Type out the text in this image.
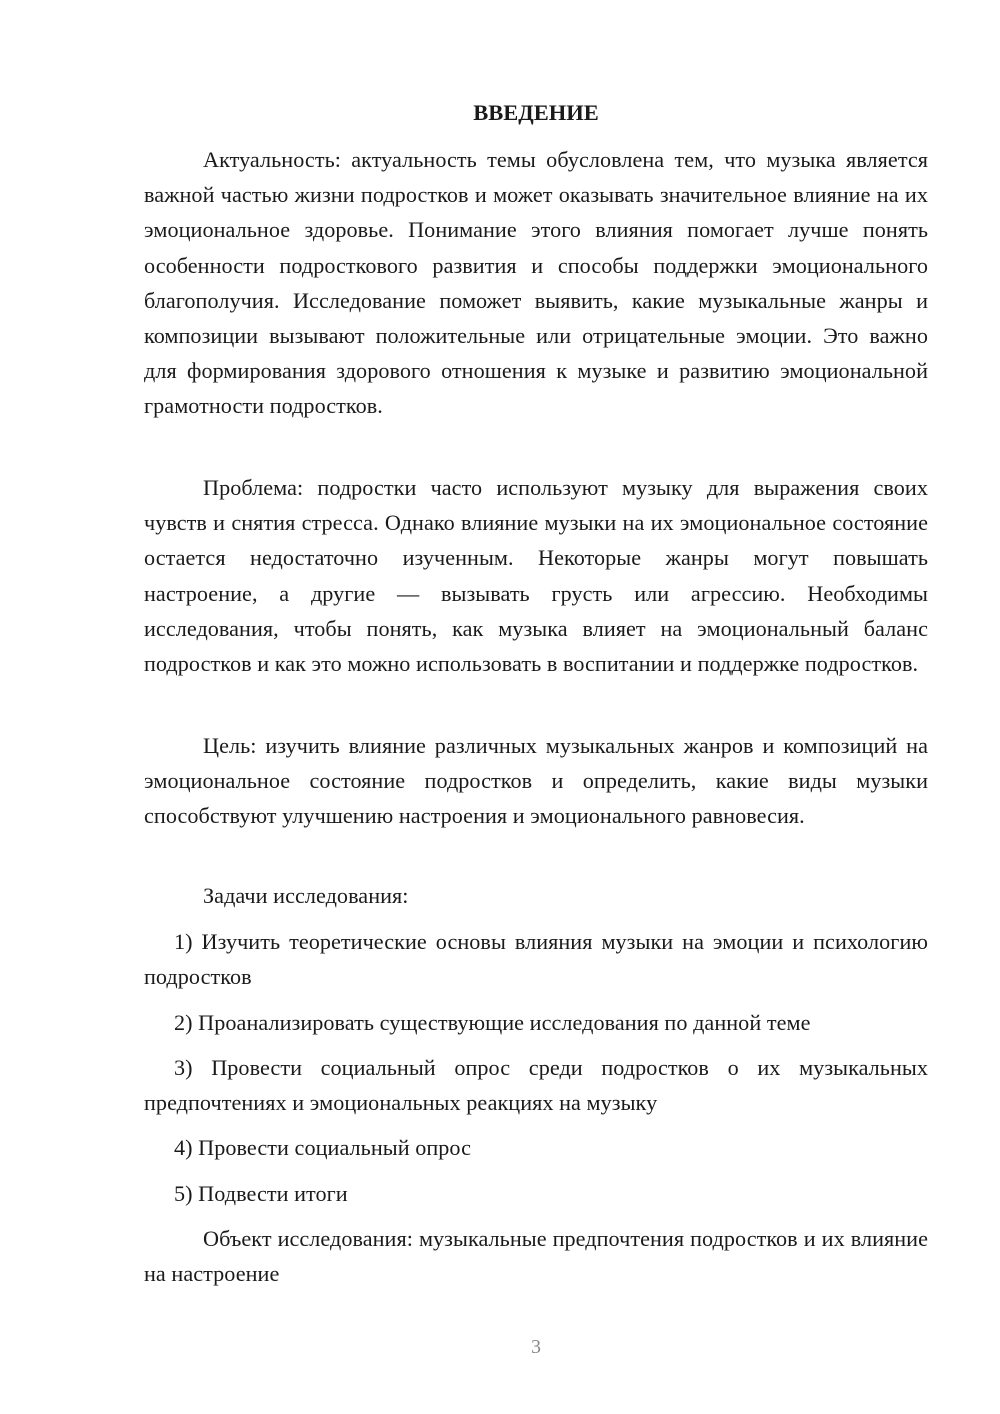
ВВЕДЕНИЕ

Актуальность: актуальность темы обусловлена тем, что музыка является важной частью жизни подростков и может оказывать значительное влияние на их эмоциональное здоровье. Понимание этого влияния помогает лучше понять особенности подросткового развития и способы поддержки эмоционального благополучия. Исследование поможет выявить, какие музыкальные жанры и композиции вызывают положительные или отрицательные эмоции. Это важно для формирования здорового отношения к музыке и развитию эмоциональной грамотности подростков.

Проблема: подростки часто используют музыку для выражения своих чувств и снятия стресса. Однако влияние музыки на их эмоциональное состояние остается недостаточно изученным. Некоторые жанры могут повышать настроение, а другие — вызывать грусть или агрессию. Необходимы исследования, чтобы понять, как музыка влияет на эмоциональный баланс подростков и как это можно использовать в воспитании и поддержке подростков.

Цель: изучить влияние различных музыкальных жанров и композиций на эмоциональное состояние подростков и определить, какие виды музыки способствуют улучшению настроения и эмоционального равновесия.

Задачи исследования:

1) Изучить теоретические основы влияния музыки на эмоции и психологию подростков

2) Проанализировать существующие исследования по данной теме

3) Провести социальный опрос среди подростков о их музыкальных предпочтениях и эмоциональных реакциях на музыку

4) Провести социальный опрос

5) Подвести итоги

Объект исследования: музыкальные предпочтения подростков и их влияние на настроение

3
